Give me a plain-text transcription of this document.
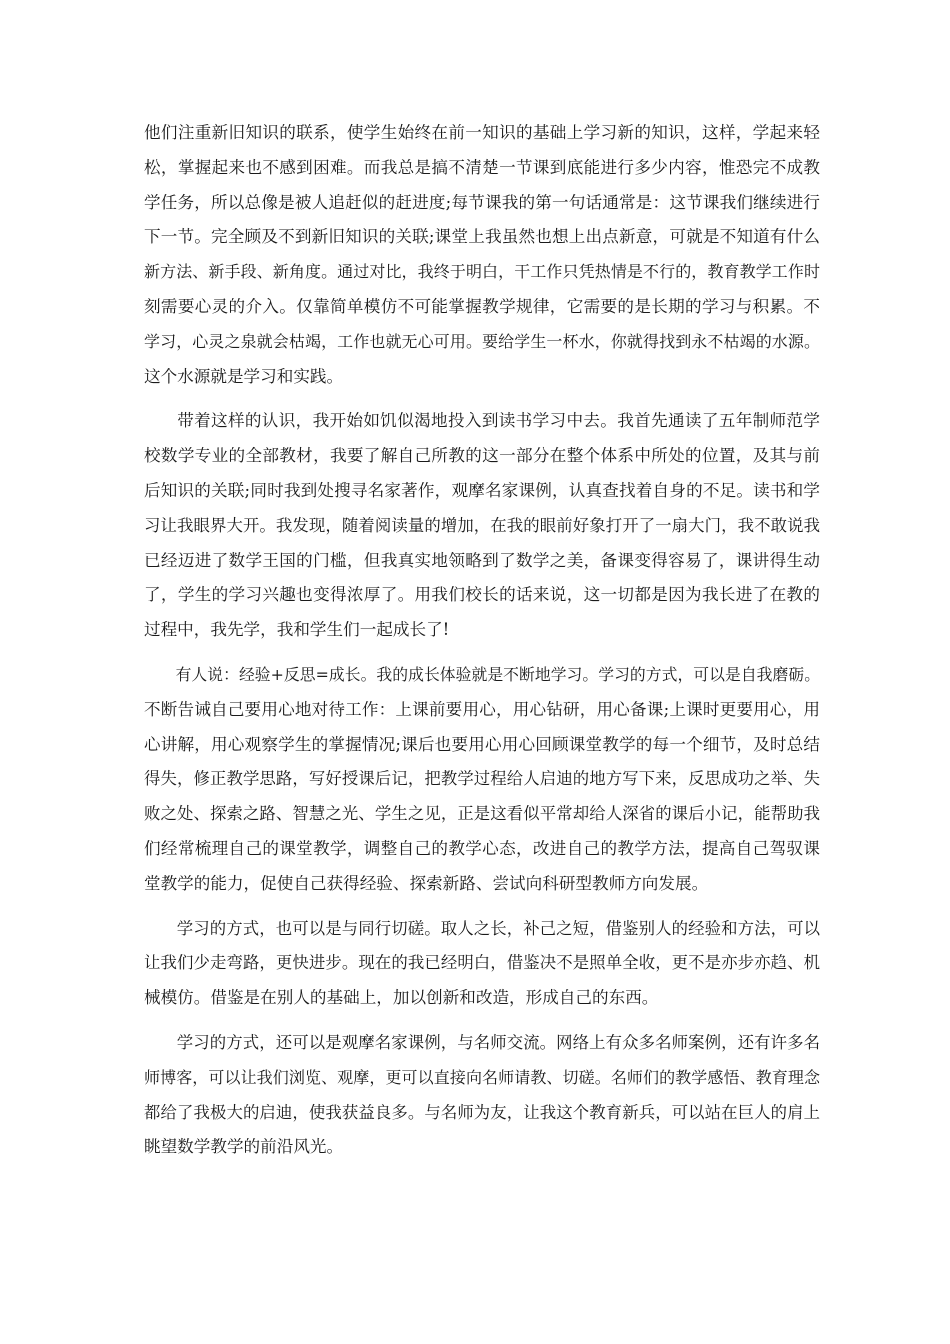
他们注重新旧知识的联系，使学生始终在前一知识的基础上学习新的知识，这样，学起来轻
松，掌握起来也不感到困难。而我总是搞不清楚一节课到底能进行多少内容，惟恐完不成教
学任务，所以总像是被人追赶似的赶进度;每节课我的第一句话通常是：这节课我们继续进行
下一节。完全顾及不到新旧知识的关联;课堂上我虽然也想上出点新意，可就是不知道有什么
新方法、新手段、新角度。通过对比，我终于明白，干工作只凭热情是不行的，教育教学工作时
刻需要心灵的介入。仅靠简单模仿不可能掌握教学规律，它需要的是长期的学习与积累。不
学习，心灵之泉就会枯竭，工作也就无心可用。要给学生一杯水，你就得找到永不枯竭的水源。
这个水源就是学习和实践。

带着这样的认识，我开始如饥似渴地投入到读书学习中去。我首先通读了五年制师范学
校数学专业的全部教材，我要了解自己所教的这一部分在整个体系中所处的位置，及其与前
后知识的关联;同时我到处搜寻名家著作，观摩名家课例，认真查找着自身的不足。读书和学
习让我眼界大开。我发现，随着阅读量的增加，在我的眼前好象打开了一扇大门，我不敢说我
已经迈进了数学王国的门槛，但我真实地领略到了数学之美，备课变得容易了，课讲得生动
了，学生的学习兴趣也变得浓厚了。用我们校长的话来说，这一切都是因为我长进了在教的
过程中，我先学，我和学生们一起成长了!

有人说：经验+反思=成长。我的成长体验就是不断地学习。学习的方式，可以是自我磨砺。
不断告诫自己要用心地对待工作：上课前要用心，用心钻研，用心备课;上课时更要用心，用
心讲解，用心观察学生的掌握情况;课后也要用心用心回顾课堂教学的每一个细节，及时总结
得失，修正教学思路，写好授课后记，把教学过程给人启迪的地方写下来，反思成功之举、失
败之处、探索之路、智慧之光、学生之见，正是这看似平常却给人深省的课后小记，能帮助我
们经常梳理自己的课堂教学，调整自己的教学心态，改进自己的教学方法，提高自己驾驭课
堂教学的能力，促使自己获得经验、探索新路、尝试向科研型教师方向发展。

学习的方式，也可以是与同行切磋。取人之长，补己之短，借鉴别人的经验和方法，可以
让我们少走弯路，更快进步。现在的我已经明白，借鉴决不是照单全收，更不是亦步亦趋、机
械模仿。借鉴是在别人的基础上，加以创新和改造，形成自己的东西。

学习的方式，还可以是观摩名家课例，与名师交流。网络上有众多名师案例，还有许多名
师博客，可以让我们浏览、观摩，更可以直接向名师请教、切磋。名师们的教学感悟、教育理念
都给了我极大的启迪，使我获益良多。与名师为友，让我这个教育新兵，可以站在巨人的肩上
眺望数学教学的前沿风光。
